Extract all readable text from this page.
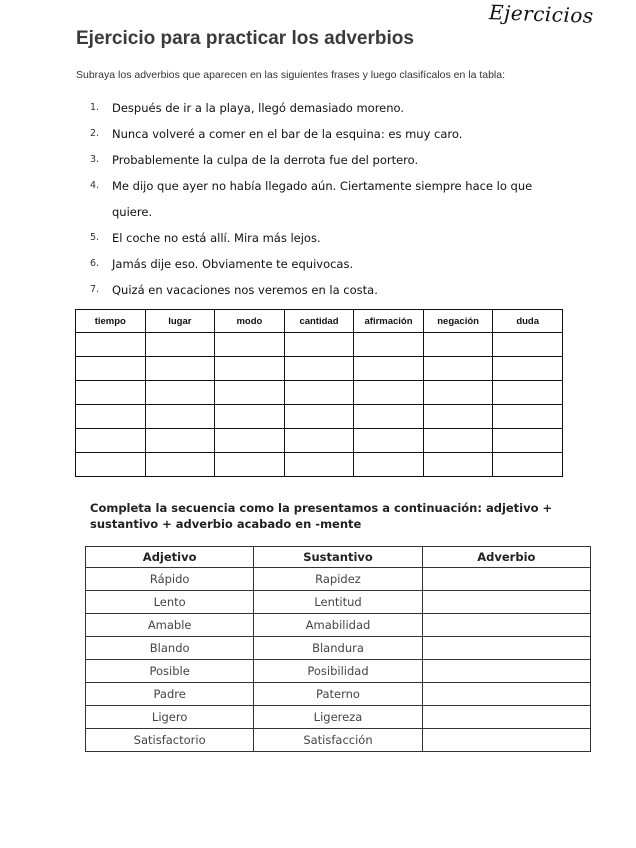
Ejercicios
Ejercicio para practicar los adverbios
Subraya los adverbios que aparecen en las siguientes frases y luego clasifícalos en la tabla:
1. Después de ir a la playa, llegó demasiado moreno.
2. Nunca volveré a comer en el bar de la esquina: es muy caro.
3. Probablemente la culpa de la derrota fue del portero.
4. Me dijo que ayer no había llegado aún. Ciertamente siempre hace lo que
quiere.
5. El coche no está allí. Mira más lejos.
6. Jamás dije eso. Obviamente te equivocas.
7. Quizá en vacaciones nos veremos en la costa.
tiempo	lugar	modo	cantidad	afirmación	negación	duda

Completa la secuencia como la presentamos a continuación: adjetivo + sustantivo + adverbio acabado en -mente
Adjetivo	Sustantivo	Adverbio
Rápido	Rapidez	
Lento	Lentitud	
Amable	Amabilidad	
Blando	Blandura	
Posible	Posibilidad	
Padre	Paterno	
Ligero	Ligereza	
Satisfactorio	Satisfacción	
